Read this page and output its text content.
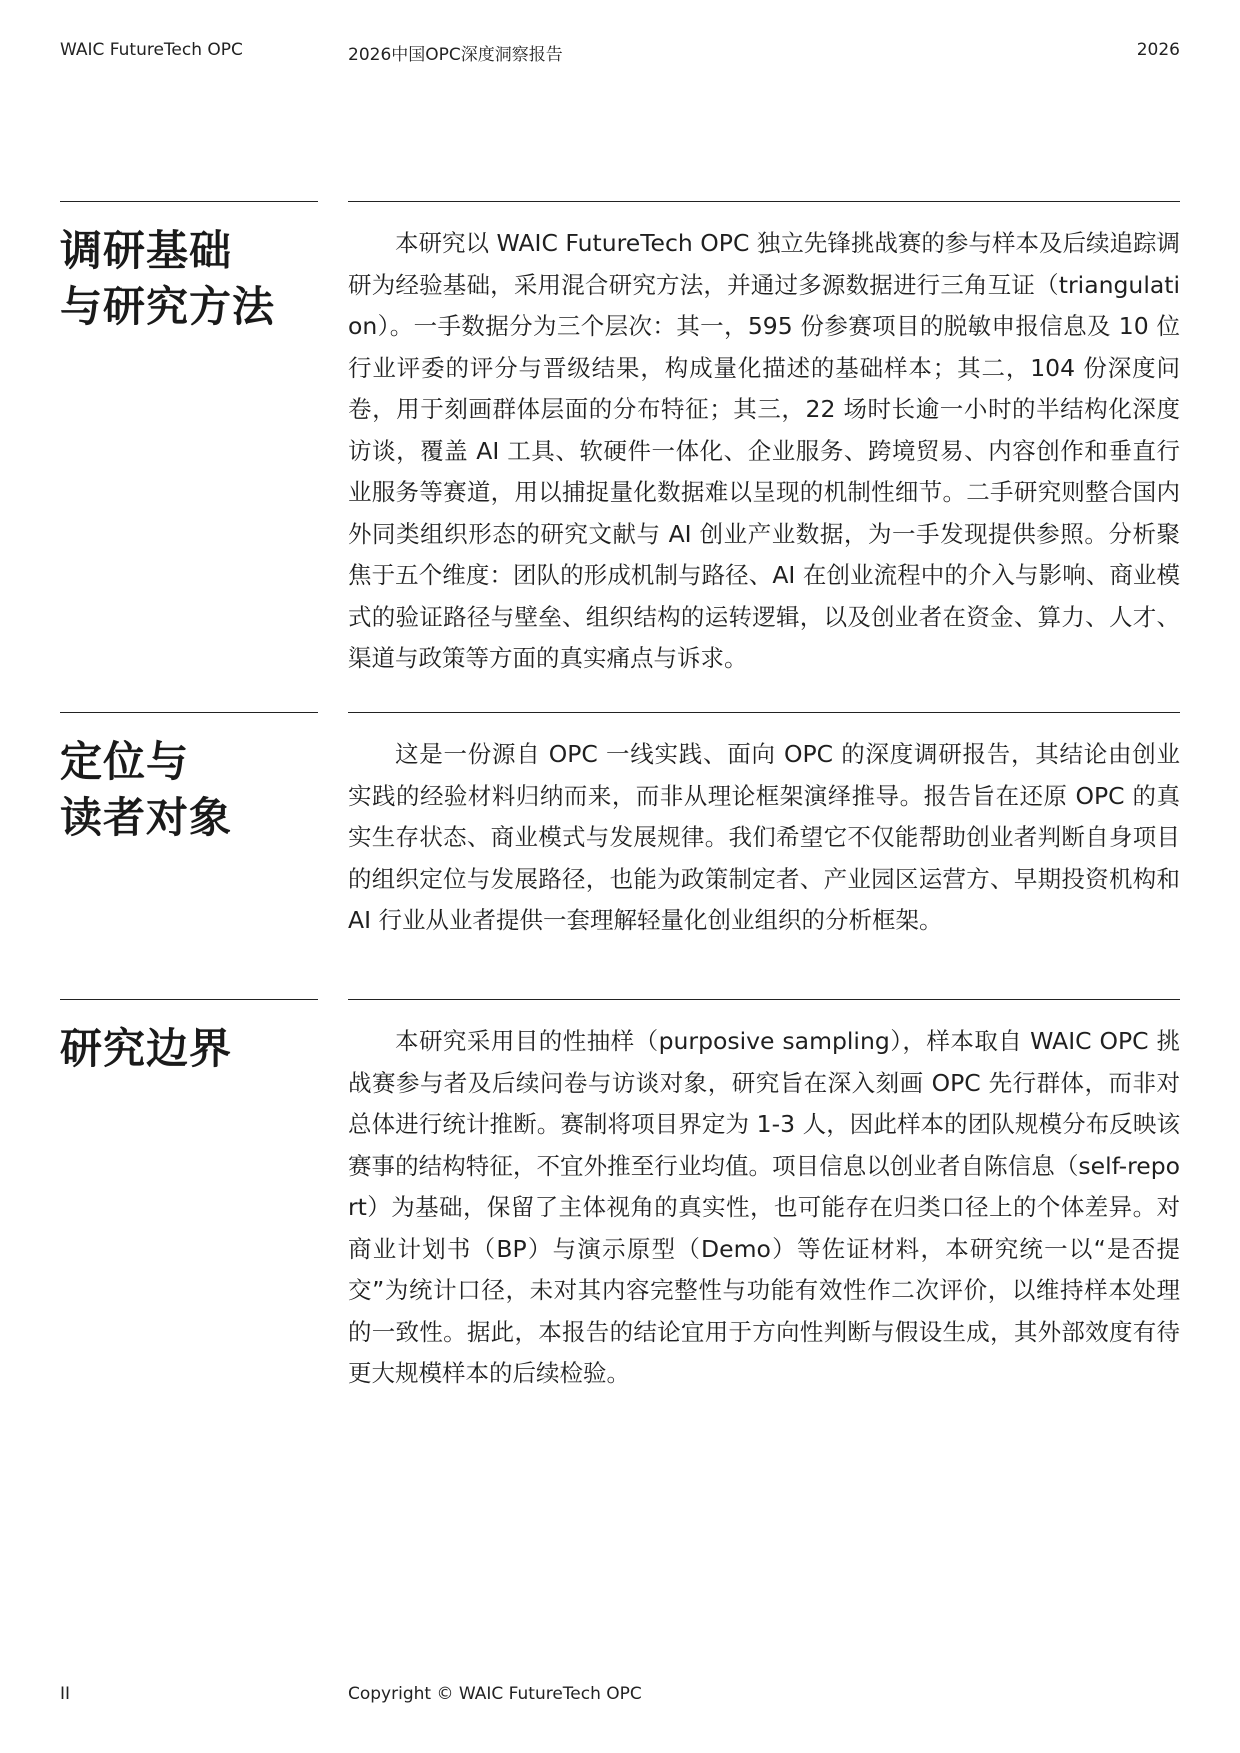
WAIC FutureTech OPC	2026中国OPC深度洞察报告	2026
调研基础
与研究方法

本研究以 WAIC FutureTech OPC 独立先锋挑战赛的参与样本及后续追踪调研为经验基础，采用混合研究方法，并通过多源数据进行三角互证（triangulation）。一手数据分为三个层次：其一，595 份参赛项目的脱敏申报信息及 10 位行业评委的评分与晋级结果，构成量化描述的基础样本；其二，104 份深度问卷，用于刻画群体层面的分布特征；其三，22 场时长逾一小时的半结构化深度访谈，覆盖 AI 工具、软硬件一体化、企业服务、跨境贸易、内容创作和垂直行业服务等赛道，用以捕捉量化数据难以呈现的机制性细节。二手研究则整合国内外同类组织形态的研究文献与 AI 创业产业数据，为一手发现提供参照。分析聚焦于五个维度：团队的形成机制与路径、AI 在创业流程中的介入与影响、商业模式的验证路径与壁垒、组织结构的运转逻辑，以及创业者在资金、算力、人才、渠道与政策等方面的真实痛点与诉求。

定位与
读者对象

这是一份源自 OPC 一线实践、面向 OPC 的深度调研报告，其结论由创业实践的经验材料归纳而来，而非从理论框架演绎推导。报告旨在还原 OPC 的真实生存状态、商业模式与发展规律。我们希望它不仅能帮助创业者判断自身项目的组织定位与发展路径，也能为政策制定者、产业园区运营方、早期投资机构和 AI 行业从业者提供一套理解轻量化创业组织的分析框架。

研究边界	本研究采用目的性抽样（purposive sampling），样本取自 WAIC OPC 挑战赛参与者及后续问卷与访谈对象，研究旨在深入刻画 OPC 先行群体，而非对总体进行统计推断。赛制将项目界定为 1-3 人，因此样本的团队规模分布反映该赛事的结构特征，不宜外推至行业均值。项目信息以创业者自陈信息（self-report）为基础，保留了主体视角的真实性，也可能存在归类口径上的个体差异。对商业计划书（BP）与演示原型（Demo）等佐证材料，本研究统一以“是否提交”为统计口径，未对其内容完整性与功能有效性作二次评价，以维持样本处理的一致性。据此，本报告的结论宜用于方向性判断与假设生成，其外部效度有待更大规模样本的后续检验。

II	Copyright © WAIC FutureTech OPC
